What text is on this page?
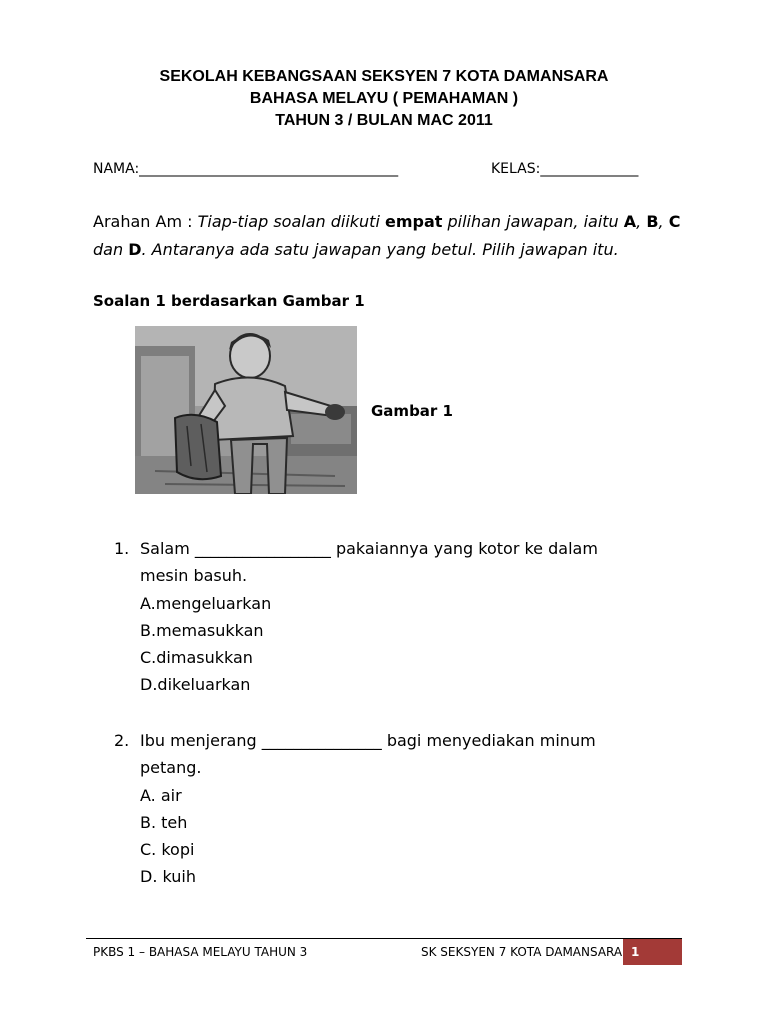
SEKOLAH KEBANGSAAN SEKSYEN 7 KOTA DAMANSARA
BAHASA MELAYU ( PEMAHAMAN )
TAHUN 3 / BULAN MAC 2011
NAMA:_____________________________________	KELAS:______________
Arahan Am : Tiap-tiap soalan diikuti empat pilihan jawapan, iaitu A, B, C dan D. Antaranya ada satu jawapan yang betul. Pilih jawapan itu.
Soalan 1 berdasarkan Gambar 1
Gambar 1
1. Salam _________________ pakaiannya yang kotor ke dalam
mesin basuh.
A.mengeluarkan
B.memasukkan
C.dimasukkan
D.dikeluarkan
2. Ibu menjerang _______________ bagi menyediakan minum
petang.
A. air
B. teh
C. kopi
D. kuih
PKBS 1 – BAHASA MELAYU TAHUN 3	SK SEKSYEN 7 KOTA DAMANSARA 1
